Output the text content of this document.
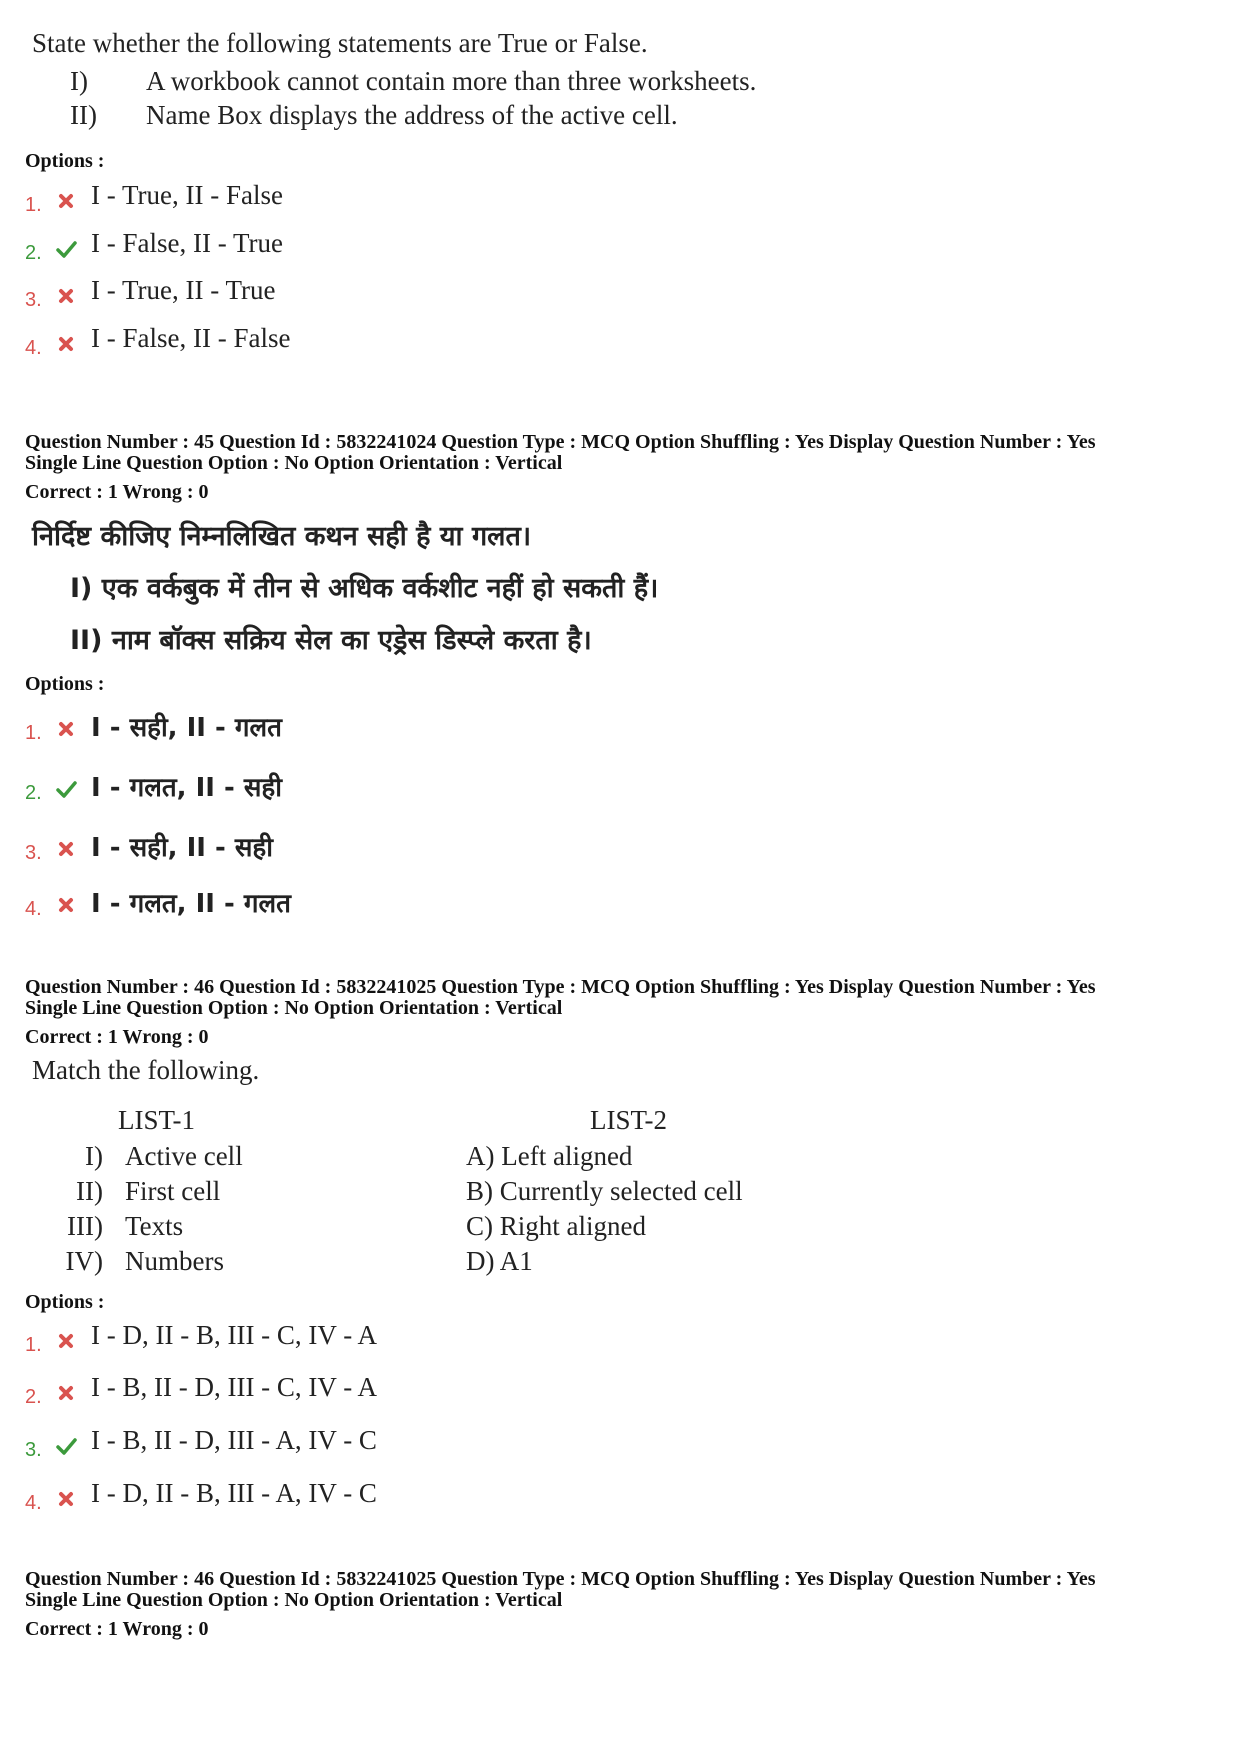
State whether the following statements are True or False.
I) A workbook cannot contain more than three worksheets.
II) Name Box displays the address of the active cell.
Options :
1. I - True, II - False
2. I - False, II - True
3. I - True, II - True
4. I - False, II - False
Question Number : 45 Question Id : 5832241024 Question Type : MCQ Option Shuffling : Yes Display Question Number : Yes
Single Line Question Option : No Option Orientation : Vertical
Correct : 1 Wrong : 0
निर्दिष्ट कीजिए निम्नलिखित कथन सही है या गलत।
I) एक वर्कबुक में तीन से अधिक वर्कशीट नहीं हो सकती हैं।
II) नाम बॉक्स सक्रिय सेल का एड्रेस डिस्प्ले करता है।
Options :
1. I - सही, II - गलत
2. I - गलत, II - सही
3. I - सही, II - सही
4. I - गलत, II - गलत
Question Number : 46 Question Id : 5832241025 Question Type : MCQ Option Shuffling : Yes Display Question Number : Yes
Single Line Question Option : No Option Orientation : Vertical
Correct : 1 Wrong : 0
Match the following.
LIST-1	LIST-2
I) Active cell
II) First cell
III) Texts
IV) Numbers
A) Left aligned
B) Currently selected cell
C) Right aligned
D) A1
Options :
1. I - D, II - B, III - C, IV - A
2. I - B, II - D, III - C, IV - A
3. I - B, II - D, III - A, IV - C
4. I - D, II - B, III - A, IV - C
Question Number : 46 Question Id : 5832241025 Question Type : MCQ Option Shuffling : Yes Display Question Number : Yes
Single Line Question Option : No Option Orientation : Vertical
Correct : 1 Wrong : 0
